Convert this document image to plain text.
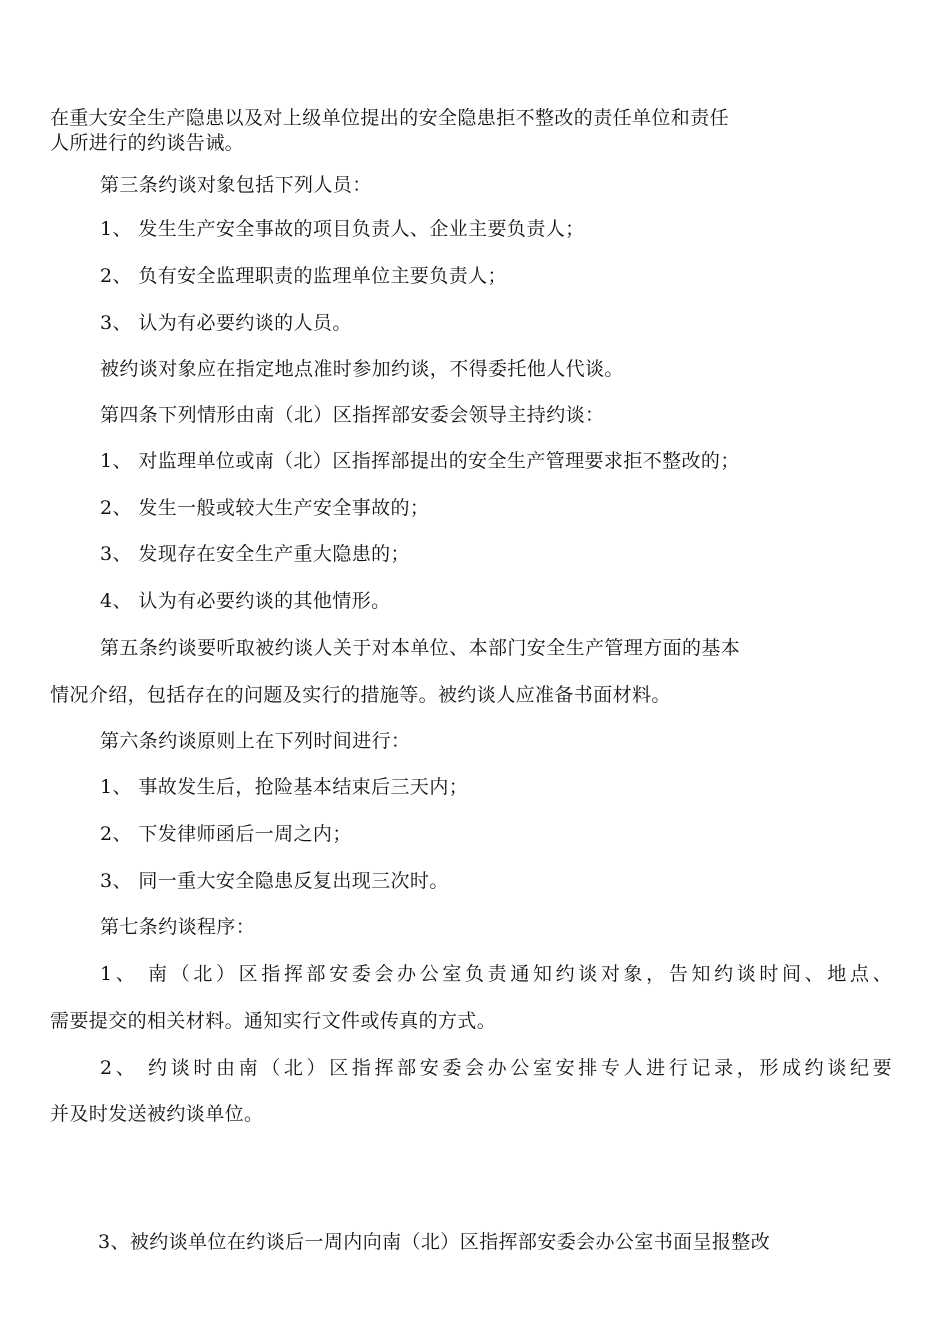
在重大安全生产隐患以及对上级单位提出的安全隐患拒不整改的责任单位和责任
人所进行的约谈告诫。
第三条约谈对象包括下列人员：
1、 发生生产安全事故的项目负责人、企业主要负责人；
2、 负有安全监理职责的监理单位主要负责人；
3、 认为有必要约谈的人员。
被约谈对象应在指定地点准时参加约谈，不得委托他人代谈。
第四条下列情形由南（北）区指挥部安委会领导主持约谈：
1、 对监理单位或南（北）区指挥部提出的安全生产管理要求拒不整改的；
2、 发生一般或较大生产安全事故的；
3、 发现存在安全生产重大隐患的；
4、 认为有必要约谈的其他情形。
第五条约谈要听取被约谈人关于对本单位、本部门安全生产管理方面的基本
情况介绍，包括存在的问题及实行的措施等。被约谈人应准备书面材料。
第六条约谈原则上在下列时间进行：
1、 事故发生后，抢险基本结束后三天内；
2、 下发律师函后一周之内；
3、 同一重大安全隐患反复出现三次时。
第七条约谈程序：
1、 南（北）区指挥部安委会办公室负责通知约谈对象，告知约谈时间、地点、
需要提交的相关材料。通知实行文件或传真的方式。
2、 约谈时由南（北）区指挥部安委会办公室安排专人进行记录，形成约谈纪要
并及时发送被约谈单位。
3、被约谈单位在约谈后一周内向南（北）区指挥部安委会办公室书面呈报整改
